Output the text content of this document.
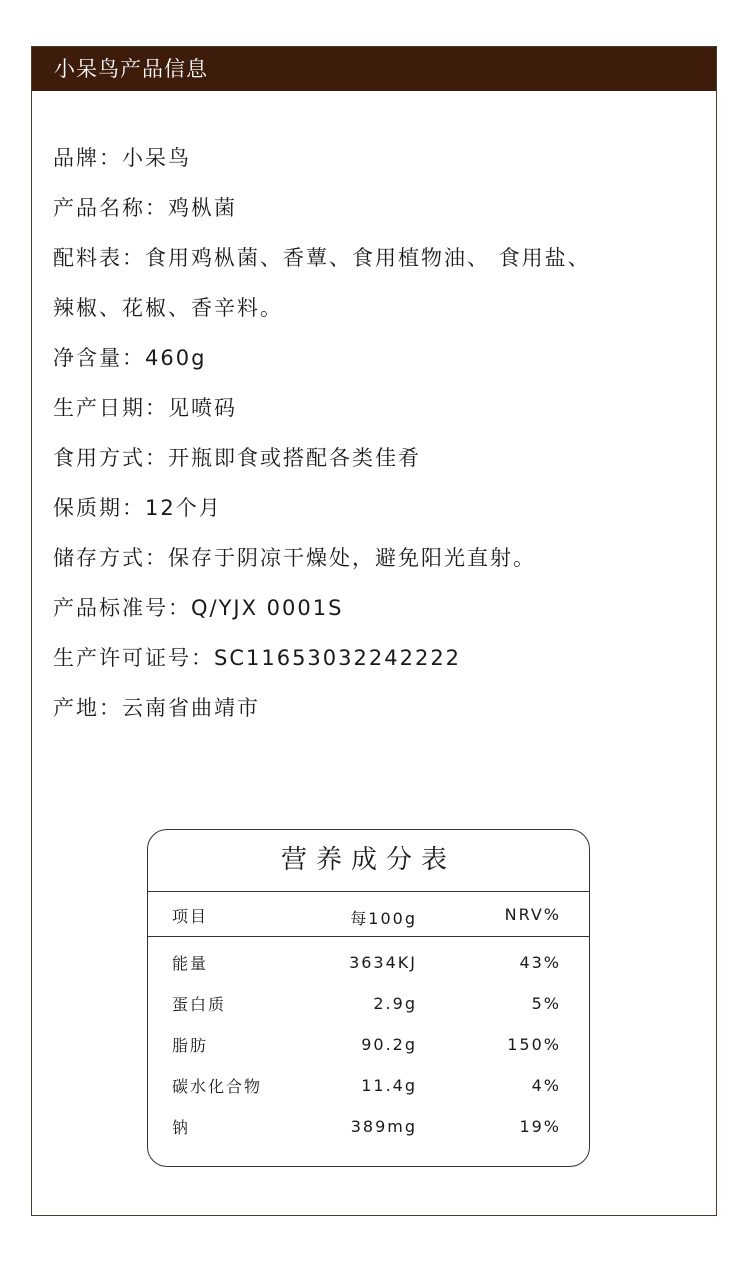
小呆鸟产品信息
品牌：小呆鸟
产品名称：鸡枞菌
配料表：食用鸡枞菌、香蕈、食用植物油、 食用盐、
辣椒、花椒、香辛料。
净含量：460g
生产日期：见喷码
食用方式：开瓶即食或搭配各类佳肴
保质期：12个月
储存方式：保存于阴凉干燥处，避免阳光直射。
产品标准号：Q/YJX 0001S
生产许可证号：SC11653032242222
产地：云南省曲靖市
营养成分表
项目	每100g	NRV%
能量	3634KJ	43%
蛋白质	2.9g	5%
脂肪	90.2g	150%
碳水化合物	11.4g	4%
钠	389mg	19%
